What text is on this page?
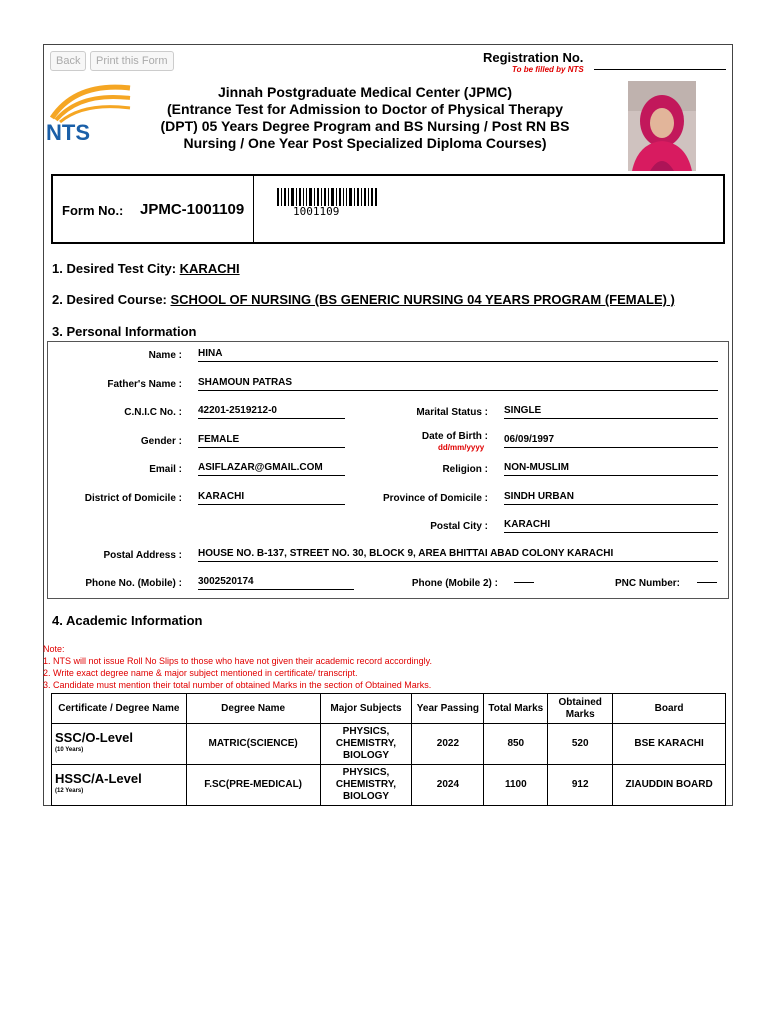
Back	Print this Form	Registration No.
To be filled by NTS
NTS
Jinnah Postgraduate Medical Center (JPMC)
(Entrance Test for Admission to Doctor of Physical Therapy
(DPT) 05 Years Degree Program and BS Nursing / Post RN BS
Nursing / One Year Post Specialized Diploma Courses)
Form No.: JPMC-1001109	1001109
1. Desired Test City: KARACHI
2. Desired Course: SCHOOL OF NURSING (BS GENERIC NURSING 04 YEARS PROGRAM (FEMALE) )
3. Personal Information
Name : HINA
Father's Name : SHAMOUN PATRAS
C.N.I.C No. : 42201-2519212-0	Marital Status : SINGLE
Gender : FEMALE	Date of Birth :
dd/mm/yyyy
06/09/1997
Email : ASIFLAZAR@GMAIL.COM	Religion : NON-MUSLIM
District of Domicile : KARACHI	Province of Domicile : SINDH URBAN
Postal City : KARACHI
Postal Address : HOUSE NO. B-137, STREET NO. 30, BLOCK 9, AREA BHITTAI ABAD COLONY KARACHI
Phone No. (Mobile) : 3002520174	Phone (Mobile 2) : ——	PNC Number: ——
4. Academic Information
Note:
1. NTS will not issue Roll No Slips to those who have not given their academic record accordingly.
2. Write exact degree name & major subject mentioned in certificate/ transcript.
3. Candidate must mention their total number of obtained Marks in the section of Obtained Marks.
Certificate / Degree Name	Degree Name	Major Subjects	Year Passing	Total Marks	Obtained Marks	Board

SSC/O-Level
(10 Years)	MATRIC(SCIENCE)	PHYSICS, CHEMISTRY, BIOLOGY	2022	850	520	BSE KARACHI

HSSC/A-Level
(12 Years)	F.SC(PRE-MEDICAL)	PHYSICS, CHEMISTRY, BIOLOGY	2024	1100	912	ZIAUDDIN BOARD
